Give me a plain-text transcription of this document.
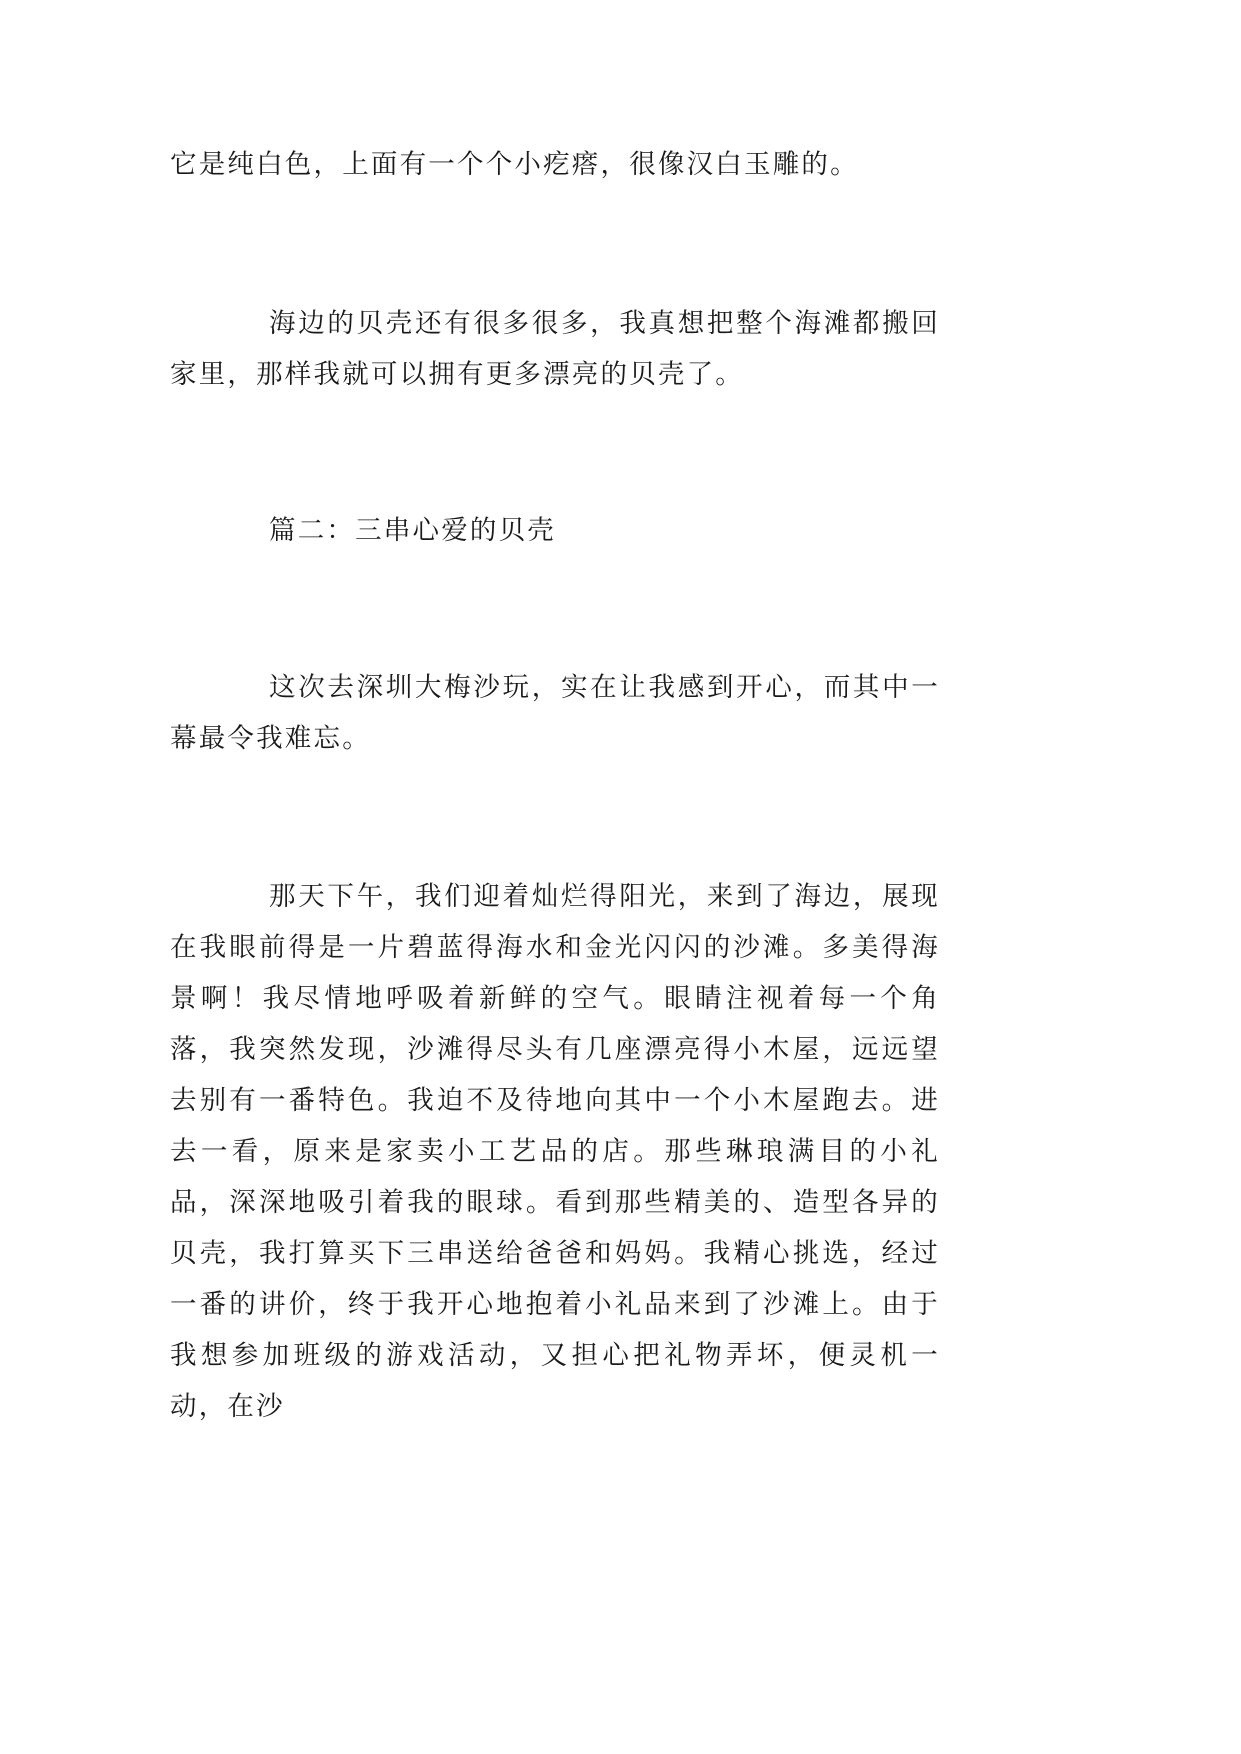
它是纯白色，上面有一个个小疙瘩，很像汉白玉雕的。

海边的贝壳还有很多很多，我真想把整个海滩都搬回家里，那样我就可以拥有更多漂亮的贝壳了。

篇二：三串心爱的贝壳

这次去深圳大梅沙玩，实在让我感到开心，而其中一幕最令我难忘。

那天下午，我们迎着灿烂得阳光，来到了海边，展现在我眼前得是一片碧蓝得海水和金光闪闪的沙滩。多美得海景啊！我尽情地呼吸着新鲜的空气。眼睛注视着每一个角落，我突然发现，沙滩得尽头有几座漂亮得小木屋，远远望去别有一番特色。我迫不及待地向其中一个小木屋跑去。进去一看，原来是家卖小工艺品的店。那些琳琅满目的小礼品，深深地吸引着我的眼球。看到那些精美的、造型各异的贝壳，我打算买下三串送给爸爸和妈妈。我精心挑选，经过一番的讲价，终于我开心地抱着小礼品来到了沙滩上。由于我想参加班级的游戏活动，又担心把礼物弄坏，便灵机一动，在沙
